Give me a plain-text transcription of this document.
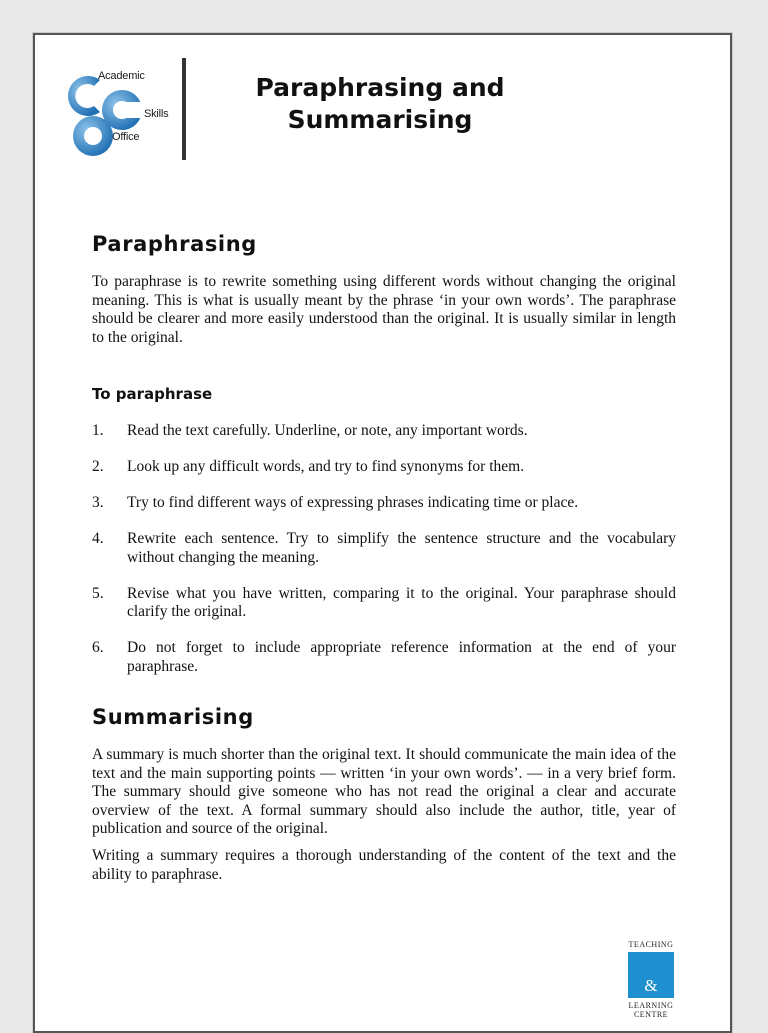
Academic
Skills
Office
Paraphrasing and Summarising
Paraphrasing

To paraphrase is to rewrite something using different words without changing the original meaning. This is what is usually meant by the phrase ‘in your own words’. The paraphrase should be clearer and more easily understood than the original. It is usually similar in length to the original.

To paraphrase
1.	Read the text carefully. Underline, or note, any important words.
2.	Look up any difficult words, and try to find synonyms for them.
3.	Try to find different ways of expressing phrases indicating time or place.
4.	Rewrite each sentence. Try to simplify the sentence structure and the vocabulary without changing the meaning.
5.	Revise what you have written, comparing it to the original. Your paraphrase should clarify the original.
6.	Do not forget to include appropriate reference information at the end of your paraphrase.
Summarising

A summary is much shorter than the original text. It should communicate the main idea of the text and the main supporting points — written ‘in your own words’. — in a very brief form. The summary should give someone who has not read the original a clear and accurate overview of the text. A formal summary should also include the author, title, year of publication and source of the original.

Writing a summary requires a thorough understanding of the content of the text and the ability to paraphrase.

TEACHING
&
LEARNING
CENTRE
